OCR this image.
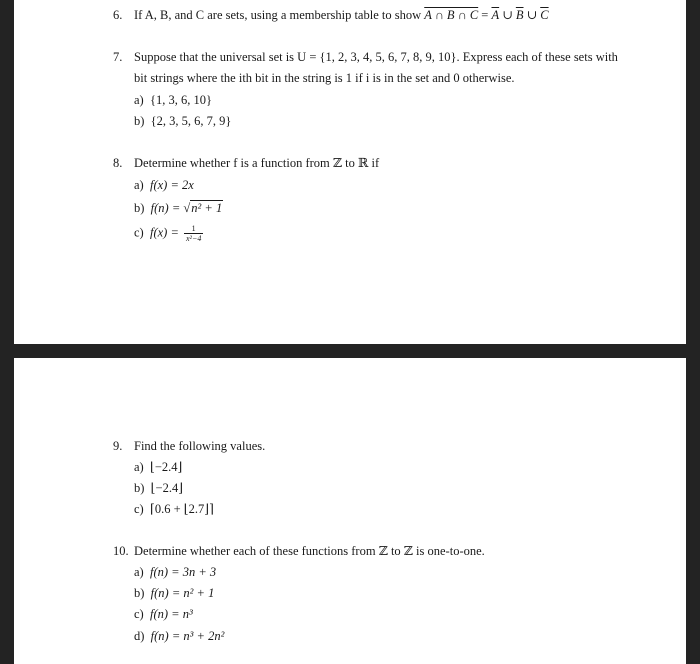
6. If A, B, and C are sets, using a membership table to show A ∩ B ∩ $C = \overline{A}$ ∪ $\overline{B}$ ∪ $\overline{C}$
7. Suppose that the universal set is U = {1, 2, 3, 4, 5, 6, 7, 8, 9, 10}. Express each of these sets with
bit strings where the ith bit in the string is 1 if i is in the set and 0 otherwise.
a) {1, 3, 6, 10}
b) {2, 3, 5, 6, 7, 9}
8. Determine whether f is a function from ℤ to ℝ if
a) f(x) = 2x
b) f(n) = √n² + 1
c) $f(x) = \frac{1}{\text{x²−4}}$
9. Find the following values.
a) ⌊−2.4⌋
b) ⌊−2.4⌋
c) ⌈0.6 + ⌊2.7⌋⌉
10. Determine whether each of these functions from ℤ to ℤ is one-to-one.
a) f(n) = 3n + 3
b) f(n) = n² + 1
c) f(n) = n³
d) f(n) = n³ + 2n²
